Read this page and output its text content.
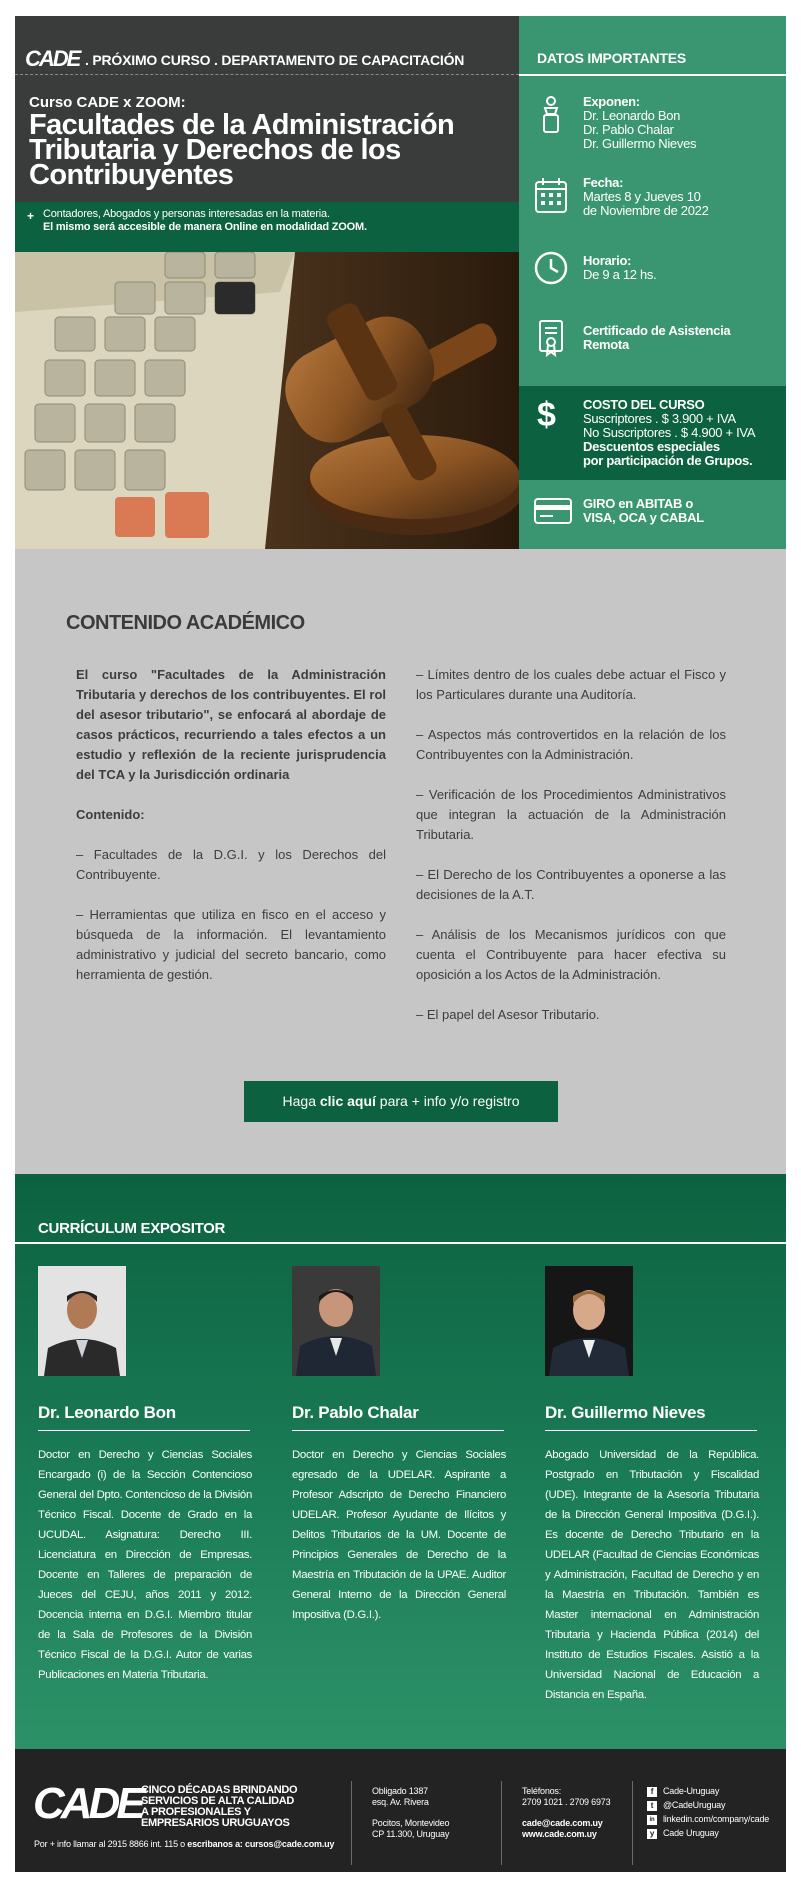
CADE . PRÓXIMO CURSO . DEPARTAMENTO DE CAPACITACIÓN
Curso CADE x ZOOM:
Facultades de la Administración Tributaria y Derechos de los Contribuyentes
+ Contadores, Abogados y personas interesadas en la materia.
El mismo será accesible de manera Online en modalidad ZOOM.
DATOS IMPORTANTES
Exponen:
Dr. Leonardo Bon
Dr. Pablo Chalar
Dr. Guillermo Nieves
Fecha:
Martes 8 y Jueves 10
de Noviembre de 2022
Horario:
De 9 a 12 hs.
Certificado de Asistencia
Remota
$ COSTO DEL CURSO
Suscriptores . $ 3.900 + IVA
No Suscriptores . $ 4.900 + IVA
Descuentos especiales
por participación de Grupos.
GIRO en ABITAB o
VISA, OCA y CABAL
CONTENIDO ACADÉMICO

El curso "Facultades de la Administración Tributaria y derechos de los contribuyentes. El rol del asesor tributario", se enfocará al abordaje de casos prácticos, recurriendo a tales efectos a un estudio y reflexión de la reciente jurisprudencia del TCA y la Jurisdicción ordinaria

Contenido:

– Facultades de la D.G.I. y los Derechos del Contribuyente.

– Herramientas que utiliza en fisco en el acceso y búsqueda de la información. El levantamiento administrativo y judicial del secreto bancario, como herramienta de gestión.

– Límites dentro de los cuales debe actuar el Fisco y los Particulares durante una Auditoría.

– Aspectos más controvertidos en la relación de los Contribuyentes con la Administración.

– Verificación de los Procedimientos Administrativos que integran la actuación de la Administración Tributaria.

– El Derecho de los Contribuyentes a oponerse a las decisiones de la A.T.

– Análisis de los Mecanismos jurídicos con que cuenta el Contribuyente para hacer efectiva su oposición a los Actos de la Administración.

– El papel del Asesor Tributario.

Haga clic aquí para + info y/o registro
CURRÍCULUM EXPOSITOR
Dr. Leonardo Bon
Doctor en Derecho y Ciencias Sociales Encargado (i) de la Sección Contencioso General del Dpto. Contencioso de la División Técnico Fiscal. Docente de Grado en la UCUDAL. Asignatura: Derecho III. Licenciatura en Dirección de Empresas. Docente en Talleres de preparación de Jueces del CEJU, años 2011 y 2012. Docencia interna en D.G.I. Miembro titular de la Sala de Profesores de la División Técnico Fiscal de la D.G.I. Autor de varias Publicaciones en Materia Tributaria.
Dr. Pablo Chalar
Doctor en Derecho y Ciencias Sociales egresado de la UDELAR. Aspirante a Profesor Adscripto de Derecho Financiero UDELAR. Profesor Ayudante de Ilícitos y Delitos Tributarios de la UM. Docente de Principios Generales de Derecho de la Maestría en Tributación de la UPAE. Auditor General Interno de la Dirección General Impositiva (D.G.I.).
Dr. Guillermo Nieves
Abogado Universidad de la República. Postgrado en Tributación y Fiscalidad (UDE). Integrante de la Asesoría Tributaria de la Dirección General Impositiva (D.G.I.). Es docente de Derecho Tributario en la UDELAR (Facultad de Ciencias Económicas y Administración, Facultad de Derecho y en la Maestría en Tributación. También es Master internacional en Administración Tributaria y Hacienda Pública (2014) del Instituto de Estudios Fiscales. Asistió a la Universidad Nacional de Educación a Distancia en España.
CADE CINCO DÉCADAS BRINDANDO
SERVICIOS DE ALTA CALIDAD
A PROFESIONALES Y
EMPRESARIOS URUGUAYOS
Por + info llamar al 2915 8866 int. 115 o escribanos a: cursos@cade.com.uy
Obligado 1387
esq. Av. Rivera
Pocitos, Montevideo
CP 11.300, Uruguay
Teléfonos:
2709 1021 . 2709 6973
cade@cade.com.uy
www.cade.com.uy
f	Cade-Uruguay
t	@CadeUruguay
in linkedin.com/company/cade
y Cade Uruguay
